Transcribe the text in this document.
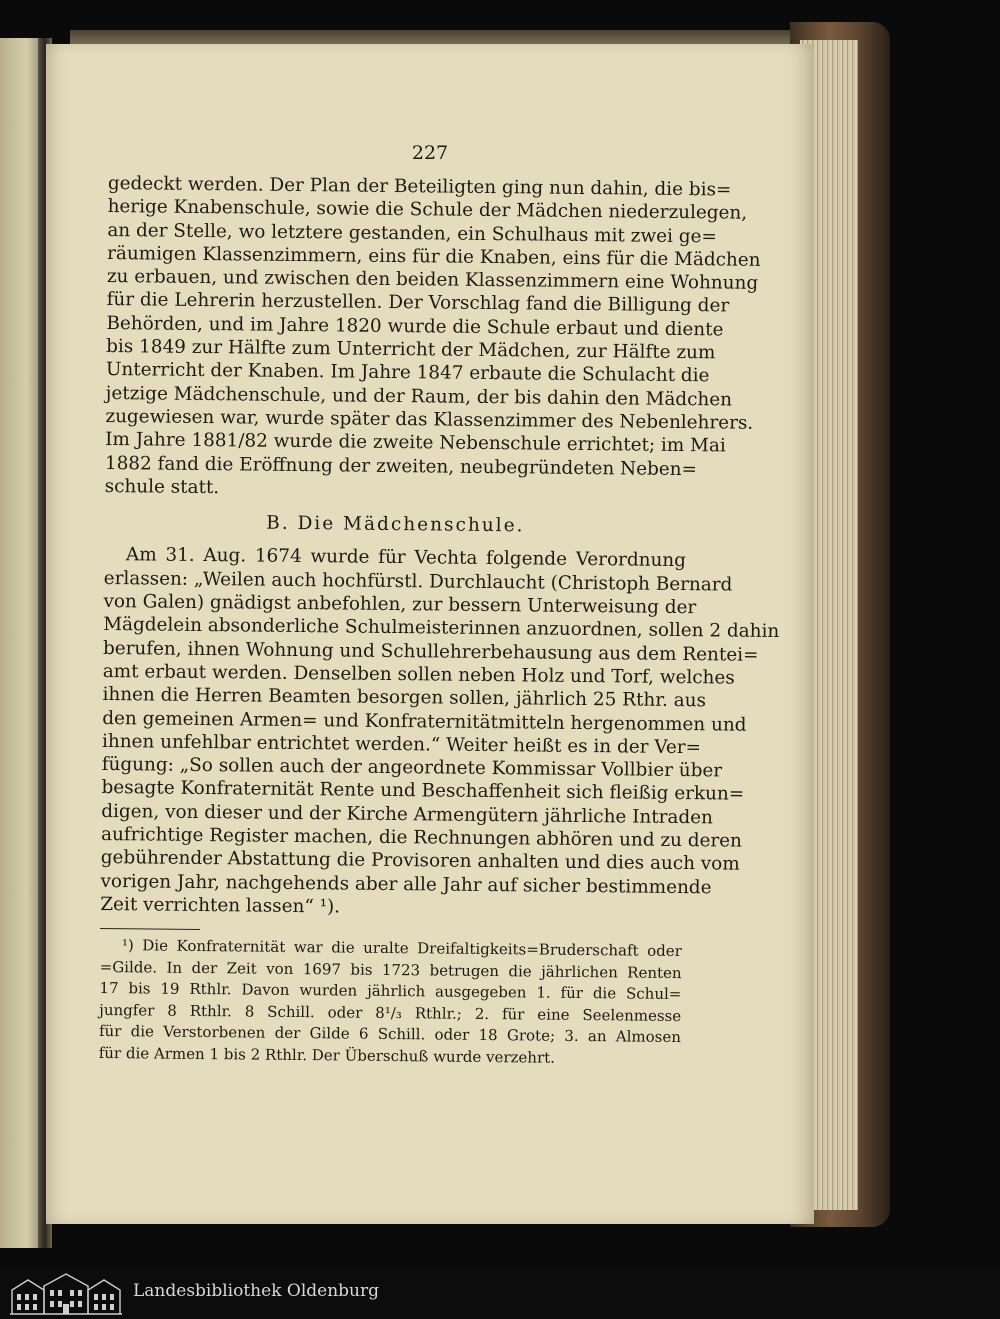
227
gedeckt werden. Der Plan der Beteiligten ging nun dahin, die bis=
herige Knabenschule, sowie die Schule der Mädchen niederzulegen,
an der Stelle, wo letztere gestanden, ein Schulhaus mit zwei ge=
räumigen Klassenzimmern, eins für die Knaben, eins für die Mädchen
zu erbauen, und zwischen den beiden Klassenzimmern eine Wohnung
für die Lehrerin herzustellen. Der Vorschlag fand die Billigung der
Behörden, und im Jahre 1820 wurde die Schule erbaut und diente
bis 1849 zur Hälfte zum Unterricht der Mädchen, zur Hälfte zum
Unterricht der Knaben. Im Jahre 1847 erbaute die Schulacht die
jetzige Mädchenschule, und der Raum, der bis dahin den Mädchen
zugewiesen war, wurde später das Klassenzimmer des Nebenlehrers.
Im Jahre 1881/82 wurde die zweite Nebenschule errichtet; im Mai
1882 fand die Eröffnung der zweiten, neubegründeten Neben=
schule statt.
B. Die Mädchenschule.
Am 31. Aug. 1674 wurde für Vechta folgende Verordnung
erlassen: „Weilen auch hochfürstl. Durchlaucht (Christoph Bernard
von Galen) gnädigst anbefohlen, zur bessern Unterweisung der
Mägdelein absonderliche Schulmeisterinnen anzuordnen, sollen 2 dahin
berufen, ihnen Wohnung und Schullehrerbehausung aus dem Rentei=
amt erbaut werden. Denselben sollen neben Holz und Torf, welches
ihnen die Herren Beamten besorgen sollen, jährlich 25 Rthr. aus
den gemeinen Armen= und Konfraternitätmitteln hergenommen und
ihnen unfehlbar entrichtet werden.“ Weiter heißt es in der Ver=
fügung: „So sollen auch der angeordnete Kommissar Vollbier über
besagte Konfraternität Rente und Beschaffenheit sich fleißig erkun=
digen, von dieser und der Kirche Armengütern jährliche Intraden
aufrichtige Register machen, die Rechnungen abhören und zu deren
gebührender Abstattung die Provisoren anhalten und dies auch vom
vorigen Jahr, nachgehends aber alle Jahr auf sicher bestimmende
Zeit verrichten lassen“ ¹).
¹) Die Konfraternität war die uralte Dreifaltigkeits=Bruderschaft oder
=Gilde. In der Zeit von 1697 bis 1723 betrugen die jährlichen Renten
17 bis 19 Rthlr. Davon wurden jährlich ausgegeben 1. für die Schul=
jungfer 8 Rthlr. 8 Schill. oder 8¹/₃ Rthlr.; 2. für eine Seelenmesse
für die Verstorbenen der Gilde 6 Schill. oder 18 Grote; 3. an Almosen
für die Armen 1 bis 2 Rthlr. Der Überschuß wurde verzehrt.
Landesbibliothek Oldenburg
